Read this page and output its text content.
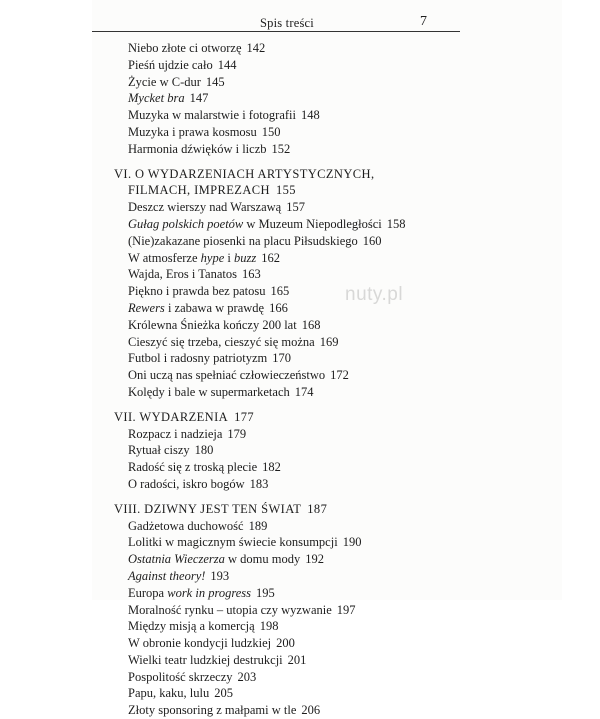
Spis treści	7
Niebo złote ci otworzę 142
Pieśń ujdzie cało 144
Życie w C-dur 145
Mycket bra 147
Muzyka w malarstwie i fotografii 148
Muzyka i prawa kosmosu 150
Harmonia dźwięków i liczb 152
VI. O WYDARZENIACH ARTYSTYCZNYCH,
FILMACH, IMPREZACH 155
Deszcz wierszy nad Warszawą 157
Gułag polskich poetów w Muzeum Niepodległości 158
(Nie)zakazane piosenki na placu Piłsudskiego 160
W atmosferze hype i buzz 162
Wajda, Eros i Tanatos 163
Piękno i prawda bez patosu 165
Rewers i zabawa w prawdę 166
Królewna Śnieżka kończy 200 lat 168
Cieszyć się trzeba, cieszyć się można 169
Futbol i radosny patriotyzm 170
Oni uczą nas spełniać człowieczeństwo 172
Kolędy i bale w supermarketach 174
VII. WYDARZENIA 177
Rozpacz i nadzieja 179
Rytuał ciszy 180
Radość się z troską plecie 182
O radości, iskro bogów 183
VIII. DZIWNY JEST TEN ŚWIAT 187
Gadżetowa duchowość 189
Lolitki w magicznym świecie konsumpcji 190
Ostatnia Wieczerza w domu mody 192
Against theory! 193
Europa work in progress 195
Moralność rynku – utopia czy wyzwanie 197
Między misją a komercją 198
W obronie kondycji ludzkiej 200
Wielki teatr ludzkiej destrukcji 201
Pospolitość skrzeczy 203
Papu, kaku, lulu 205
Złoty sponsoring z małpami w tle 206
nuty.pl
